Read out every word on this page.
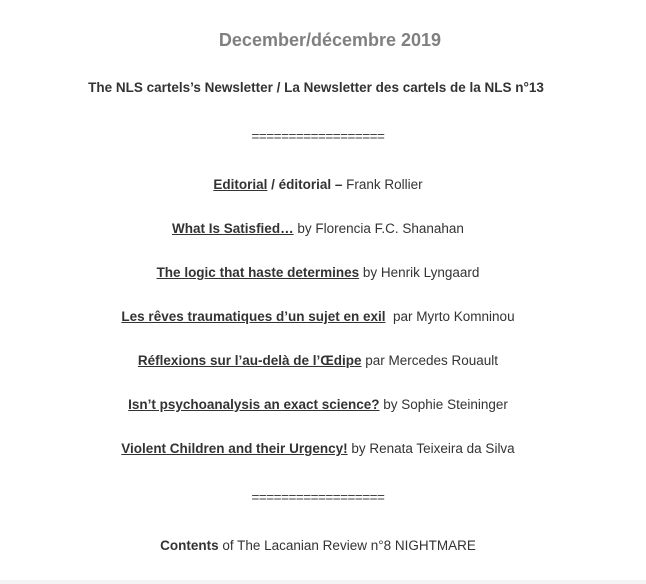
December/décembre 2019
The NLS cartels’s Newsletter / La Newsletter des cartels de la NLS n°13
==================
Editorial / éditorial – Frank Rollier
What Is Satisfied… by Florencia F.C. Shanahan
The logic that haste determines by Henrik Lyngaard
Les rêves traumatiques d’un sujet en exil  par Myrto Komninou
Réflexions sur l’au-delà de l’Œdipe par Mercedes Rouault
Isn’t psychoanalysis an exact science? by Sophie Steininger
Violent Children and their Urgency! by Renata Teixeira da Silva
==================
Contents of The Lacanian Review n°8 NIGHTMARE
